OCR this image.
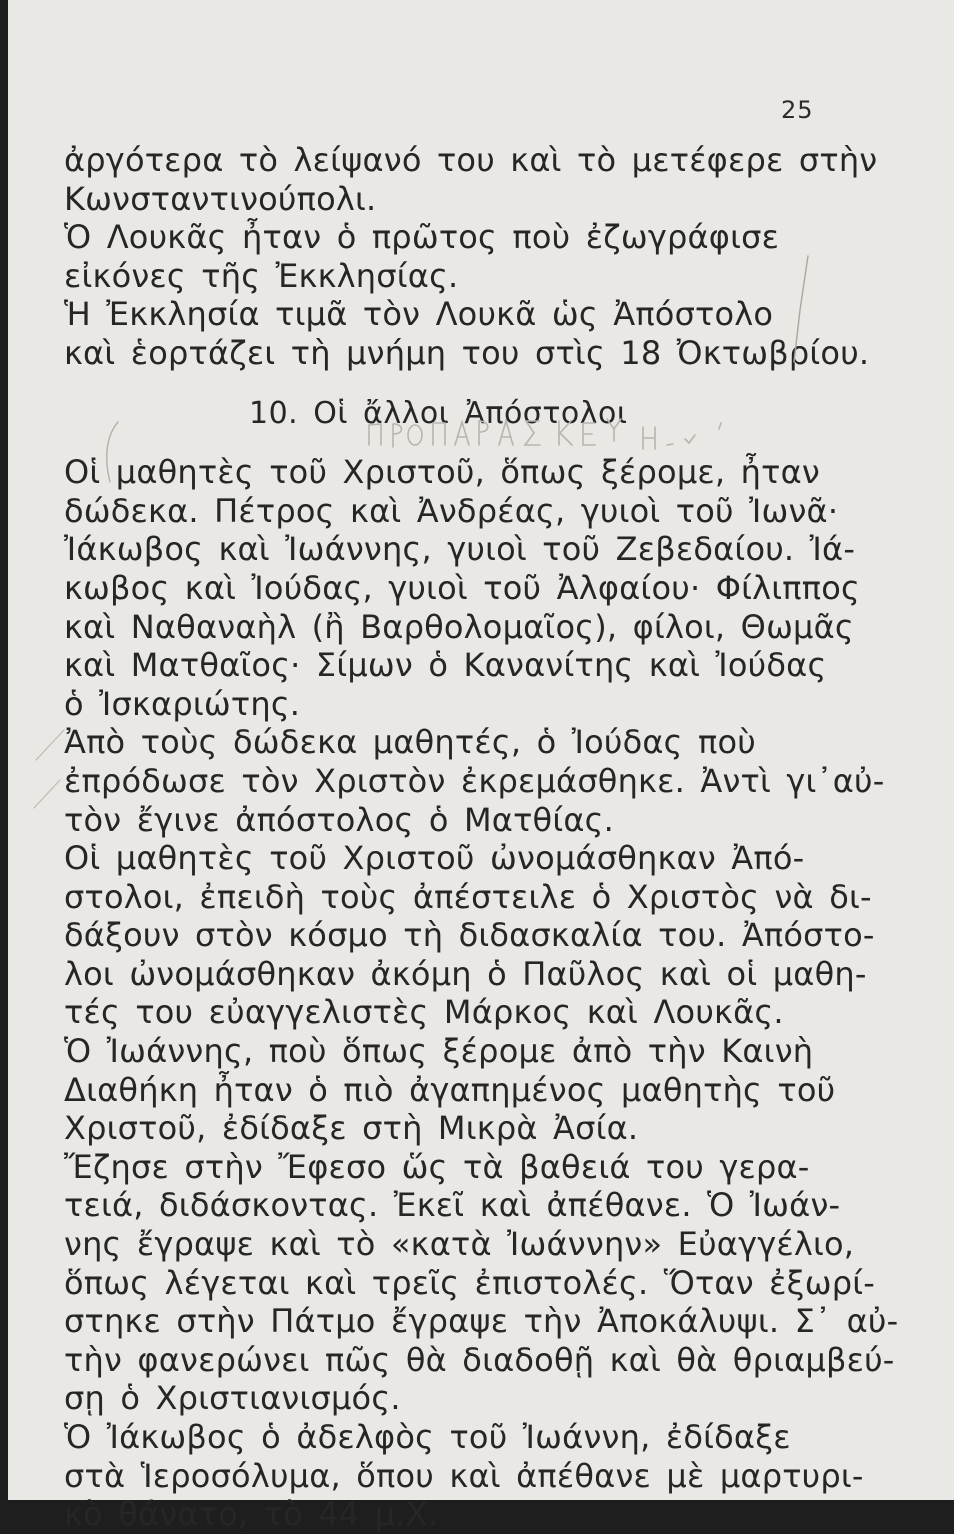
25
ἀργότερα τὸ λείψανό του καὶ τὸ μετέφερε στὴν
Κωνσταντινούπολι.
Ὁ Λουκᾶς ἦταν ὁ πρῶτος ποὺ ἐζωγράφισε
εἰκόνες τῆς Ἐκκλησίας.
Ἡ Ἐκκλησία τιμᾶ τὸν Λουκᾶ ὡς Ἀπόστολο
καὶ ἑορτάζει τὴ μνήμη του στὶς 18 Ὀκτωβρίου.
10. Οἱ ἄλλοι Ἀπόστολοι
Οἱ μαθητὲς τοῦ Χριστοῦ, ὅπως ξέρομε, ἦταν
δώδεκα. Πέτρος καὶ Ἀνδρέας, γυιοὶ τοῦ Ἰωνᾶ·
Ἰάκωβος καὶ Ἰωάννης, γυιοὶ τοῦ Ζεβεδαίου. Ἰά-
κωβος καὶ Ἰούδας, γυιοὶ τοῦ Ἀλφαίου· Φίλιππος
καὶ Ναθαναὴλ (ἢ Βαρθολομαῖος), φίλοι, Θωμᾶς
καὶ Ματθαῖος· Σίμων ὁ Κανανίτης καὶ Ἰούδας
ὁ Ἰσκαριώτης.
Ἀπὸ τοὺς δώδεκα μαθητές, ὁ Ἰούδας ποὺ
ἐπρόδωσε τὸν Χριστὸν ἐκρεμάσθηκε. Ἀντὶ γι᾽αὐ-
τὸν ἔγινε ἀπόστολος ὁ Ματθίας.
Οἱ μαθητὲς τοῦ Χριστοῦ ὠνομάσθηκαν Ἀπό-
στολοι, ἐπειδὴ τοὺς ἀπέστειλε ὁ Χριστὸς νὰ δι-
δάξουν στὸν κόσμο τὴ διδασκαλία του. Ἀπόστο-
λοι ὠνομάσθηκαν ἀκόμη ὁ Παῦλος καὶ οἱ μαθη-
τές του εὐαγγελιστὲς Μάρκος καὶ Λουκᾶς.
Ὁ Ἰωάννης, ποὺ ὅπως ξέρομε ἀπὸ τὴν Καινὴ
Διαθήκη ἦταν ὁ πιὸ ἀγαπημένος μαθητὴς τοῦ
Χριστοῦ, ἐδίδαξε στὴ Μικρὰ Ἀσία.
Ἔζησε στὴν Ἔφεσο ὥς τὰ βαθειά του γερα-
τειά, διδάσκοντας. Ἐκεῖ καὶ ἀπέθανε. Ὁ Ἰωάν-
νης ἔγραψε καὶ τὸ «κατὰ Ἰωάννην» Εὐαγγέλιο,
ὅπως λέγεται καὶ τρεῖς ἐπιστολές. Ὅταν ἐξωρί-
στηκε στὴν Πάτμο ἔγραψε τὴν Ἀποκάλυψι. Σ᾽ αὐ-
τὴν φανερώνει πῶς θὰ διαδοθῇ καὶ θὰ θριαμβεύ-
σῃ ὁ Χριστιανισμός.
Ὁ Ἰάκωβος ὁ ἀδελφὸς τοῦ Ἰωάννη, ἐδίδαξε
στὰ Ἱεροσόλυμα, ὅπου καὶ ἀπέθανε μὲ μαρτυρι-
κὸ θάνατο, τὸ 44 μ.Χ.
